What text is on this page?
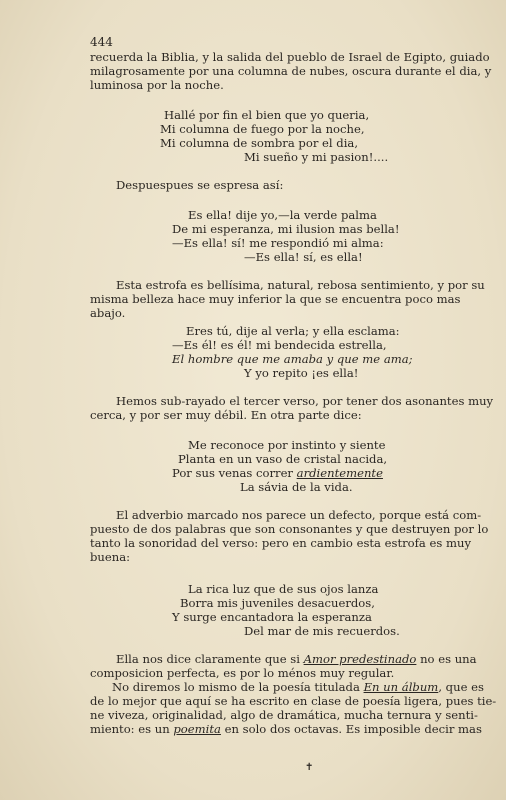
444

recuerda la Biblia, y la salida del pueblo de Israel de Egipto, guiado

milagrosamente por una columna de nubes, oscura durante el dia, y

luminosa por la noche.

Hallé por fin el bien que yo queria,

Mi columna de fuego por la noche,

Mi columna de sombra por el dia,

Mi sueño y mi pasion!....

Despuespues se espresa así:

Es ella! dije yo,—la verde palma

De mi esperanza, mi ilusion mas bella!

—Es ella! sí! me respondió mi alma:

—Es ella! sí, es ella!

Esta estrofa es bellísima, natural, rebosa sentimiento, y por su

misma belleza hace muy inferior la que se encuentra poco mas

abajo.

Eres tú, dije al verla; y ella esclama:

—Es él! es él! mi bendecida estrella,

El hombre que me amaba y que me ama;

Y yo repito ¡es ella!

Hemos sub-rayado el tercer verso, por tener dos asonantes muy

cerca, y por ser muy débil. En otra parte dice:

Me reconoce por instinto y siente

Planta en un vaso de cristal nacida,

Por sus venas correr ardientemente

La sávia de la vida.

El adverbio marcado nos parece un defecto, porque está com-

puesto de dos palabras que son consonantes y que destruyen por lo

tanto la sonoridad del verso: pero en cambio esta estrofa es muy

buena:

La rica luz que de sus ojos lanza

Borra mis juveniles desacuerdos,

Y surge encantadora la esperanza

Del mar de mis recuerdos.

Ella nos dice claramente que si Amor predestinado no es una

composicion perfecta, es por lo ménos muy regular.

No diremos lo mismo de la poesía titulada En un álbum, que es

de lo mejor que aquí se ha escrito en clase de poesía ligera, pues tie-

ne viveza, originalidad, algo de dramática, mucha ternura y senti-

miento: es un poemita en solo dos octavas. Es imposible decir mas

✝
